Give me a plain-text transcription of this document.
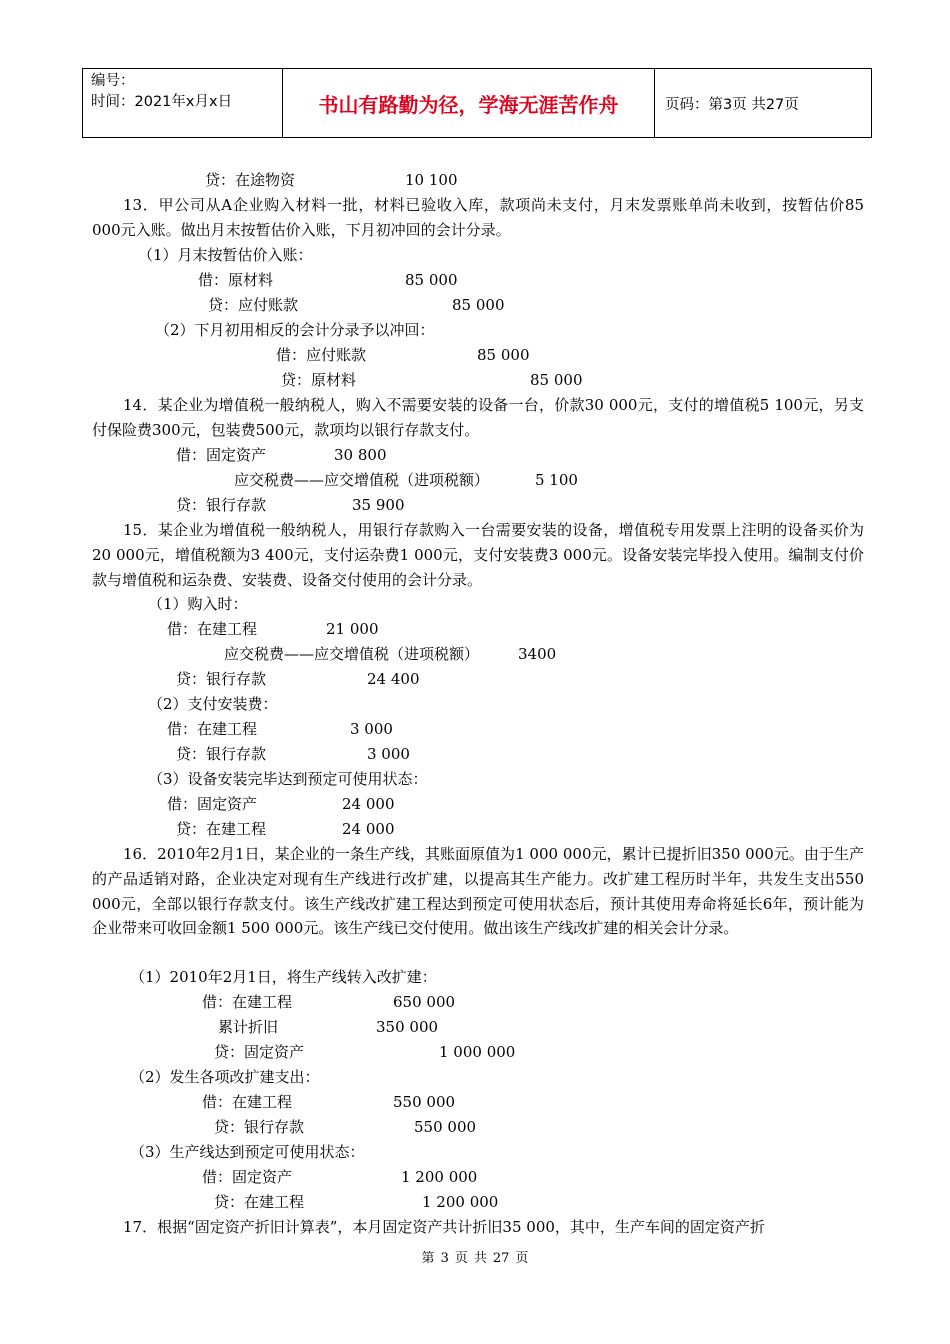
编号：
时间：2021年x月x日	书山有路勤为径，学海无涯苦作舟	页码：第3页 共27页
贷：在途物资	10 100
13．甲公司从A企业购入材料一批，材料已验收入库，款项尚未支付，月末发票账单尚未收到，按暂估价85 000元入账。做出月末按暂估价入账，下月初冲回的会计分录。
（1）月末按暂估价入账：
借：原材料	85 000
贷：应付账款	85 000
（2）下月初用相反的会计分录予以冲回：
借：应付账款	85 000
贷：原材料	85 000
14．某企业为增值税一般纳税人，购入不需要安装的设备一台，价款30 000元，支付的增值税5 100元，另支付保险费300元，包装费500元，款项均以银行存款支付。
借：固定资产	30 800
应交税费——应交增值税（进项税额）	5 100
贷：银行存款	35 900
15．某企业为增值税一般纳税人，用银行存款购入一台需要安装的设备，增值税专用发票上注明的设备买价为20 000元，增值税额为3 400元，支付运杂费1 000元，支付安装费3 000元。设备安装完毕投入使用。编制支付价款与增值税和运杂费、安装费、设备交付使用的会计分录。
（1）购入时：
借：在建工程	21 000
应交税费——应交增值税（进项税额）	3400
贷：银行存款	24 400
（2）支付安装费：
借：在建工程	3 000
贷：银行存款	3 000
（3）设备安装完毕达到预定可使用状态：
借：固定资产	24 000
贷：在建工程	24 000
16．2010年2月1日，某企业的一条生产线，其账面原值为1 000 000元，累计已提折旧350 000元。由于生产的产品适销对路，企业决定对现有生产线进行改扩建，以提高其生产能力。改扩建工程历时半年，共发生支出550 000元，全部以银行存款支付。该生产线改扩建工程达到预定可使用状态后，预计其使用寿命将延长6年，预计能为企业带来可收回金额1 500 000元。该生产线已交付使用。做出该生产线改扩建的相关会计分录。
（1）2010年2月1日，将生产线转入改扩建：
借：在建工程	650 000
累计折旧	350 000
贷：固定资产	1 000 000
（2）发生各项改扩建支出：
借：在建工程	550 000
贷：银行存款	550 000
（3）生产线达到预定可使用状态：
借：固定资产	1 200 000
贷：在建工程	1 200 000
17．根据“固定资产折旧计算表”，本月固定资产共计折旧35 000，其中，生产车间的固定资产折
第 3 页 共 27 页
